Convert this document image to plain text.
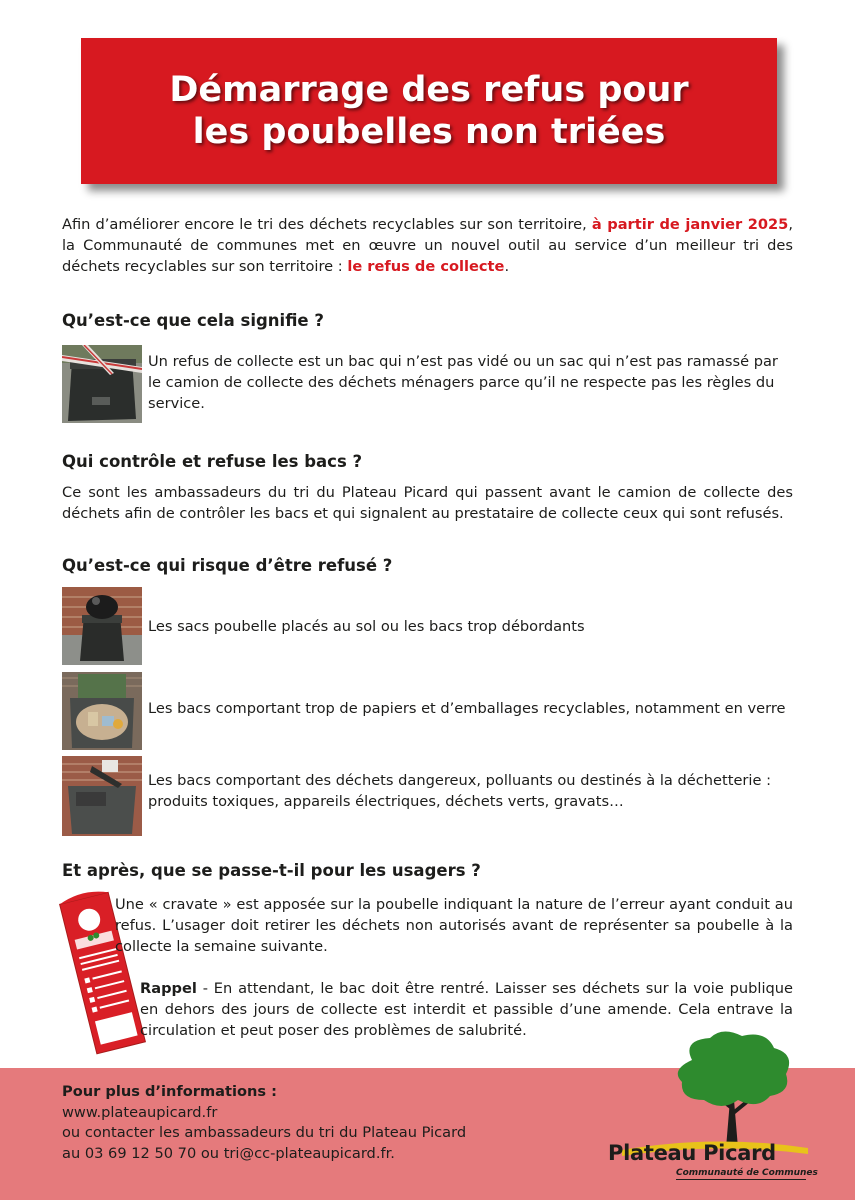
Démarrage des refus pour
les poubelles non triées
Afin d’améliorer encore le tri des déchets recyclables sur son territoire, à partir de janvier 2025, la Communauté de communes met en œuvre un nouvel outil au service d’un meilleur tri des déchets recyclables sur son territoire : le refus de collecte.
Qu’est-ce que cela signifie ?
Un refus de collecte est un bac qui n’est pas vidé ou un sac qui n’est pas ramassé par le camion de collecte des déchets ménagers parce qu’il ne respecte pas les règles du service.
Qui contrôle et refuse les bacs ?
Ce sont les ambassadeurs du tri du Plateau Picard qui passent avant le camion de collecte des déchets afin de contrôler les bacs et qui signalent au prestataire de collecte ceux qui sont refusés.
Qu’est-ce qui risque d’être refusé ?
Les sacs poubelle placés au sol ou les bacs trop débordants
Les bacs comportant trop de papiers et d’emballages recyclables, notamment en verre
Les bacs comportant des déchets dangereux, polluants ou destinés à la déchetterie : produits toxiques, appareils électriques, déchets verts, gravats…
Et après, que se passe-t-il pour les usagers ?
Une « cravate » est apposée sur la poubelle indiquant la nature de l’erreur ayant conduit au refus. L’usager doit retirer les déchets non autorisés avant de représenter sa poubelle à la collecte la semaine suivante.
Rappel - En attendant, le bac doit être rentré. Laisser ses déchets sur la voie publique en dehors des jours de collecte est interdit et passible d’une amende. Cela entrave la circulation et peut poser des problèmes de salubrité.
Pour plus d’informations :
www.plateaupicard.fr
ou contacter les ambassadeurs du tri du Plateau Picard
au 03 69 12 50 70 ou tri@cc-plateaupicard.fr.	Plateau Picard
Communauté de Communes
